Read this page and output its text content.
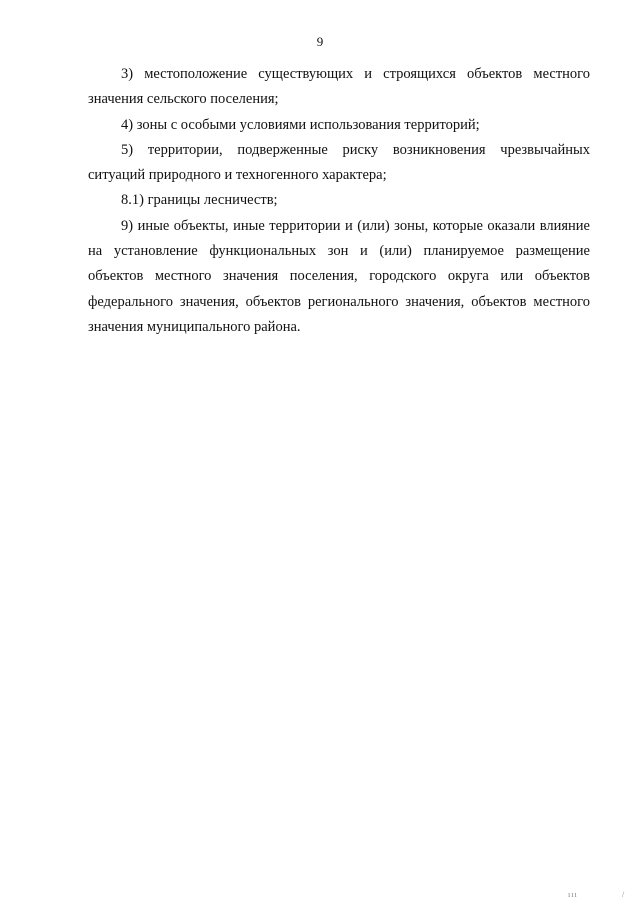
9

3) местоположение существующих и строящихся объектов местного значения сельского поселения;

4) зоны с особыми условиями использования территорий;

5) территории, подверженные риску возникновения чрезвычайных ситуаций природного и техногенного характера;

8.1) границы лесничеств;

9) иные объекты, иные территории и (или) зоны, которые оказали влияние на установление функциональных зон и (или) планируемое размещение объектов местного значения поселения, городского округа или объектов федерального значения, объектов регионального значения, объектов местного значения муниципального района.

ııı	/
